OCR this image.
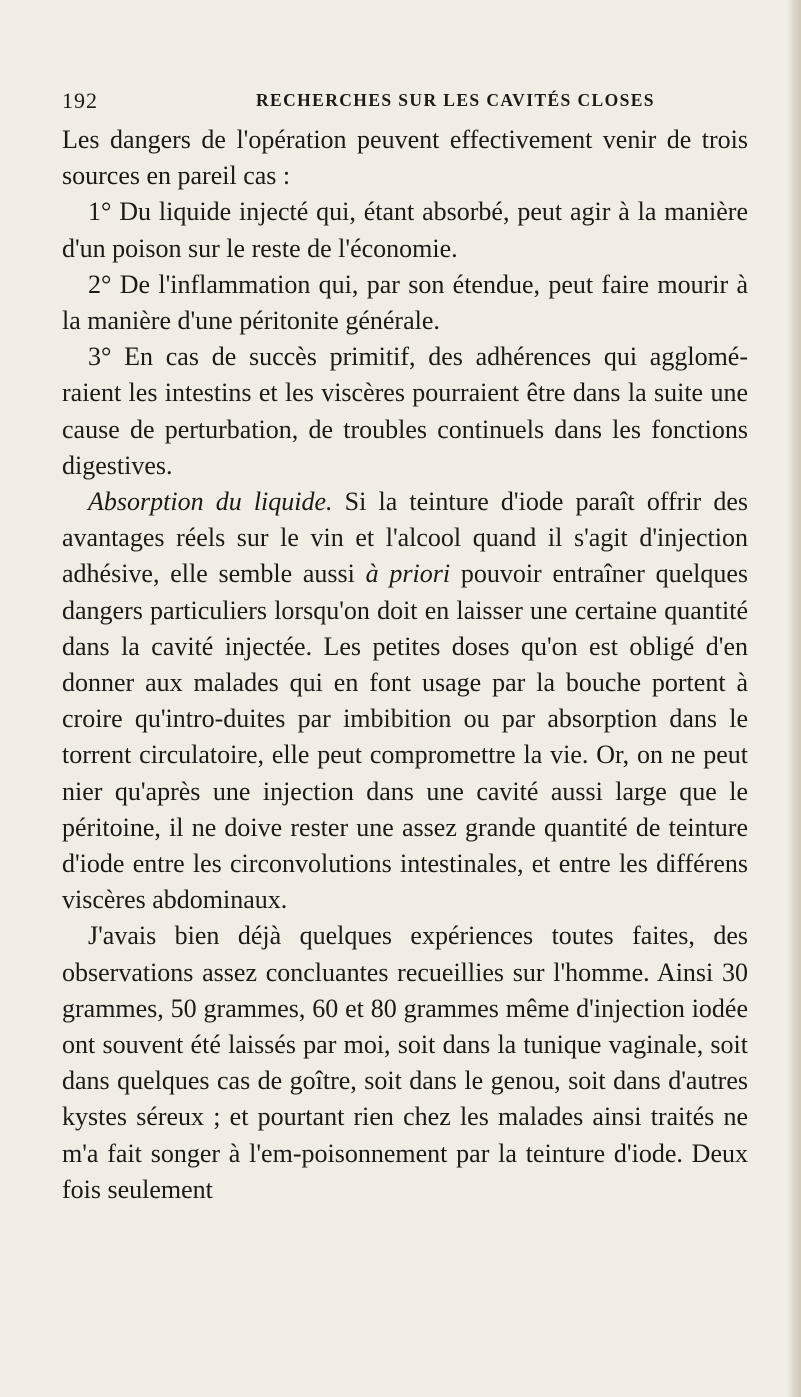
192	RECHERCHES SUR LES CAVITÉS CLOSES

Les dangers de l'opération peuvent effectivement venir de trois sources en pareil cas :

1° Du liquide injecté qui, étant absorbé, peut agir à la manière d'un poison sur le reste de l'économie.

2° De l'inflammation qui, par son étendue, peut faire mourir à la manière d'une péritonite générale.

3° En cas de succès primitif, des adhérences qui agglomé-raient les intestins et les viscères pourraient être dans la suite une cause de perturbation, de troubles continuels dans les fonctions digestives.

Absorption du liquide. Si la teinture d'iode paraît offrir des avantages réels sur le vin et l'alcool quand il s'agit d'injection adhésive, elle semble aussi à priori pouvoir entraîner quelques dangers particuliers lorsqu'on doit en laisser une certaine quantité dans la cavité injectée. Les petites doses qu'on est obligé d'en donner aux malades qui en font usage par la bouche portent à croire qu'intro-duites par imbibition ou par absorption dans le torrent circulatoire, elle peut compromettre la vie. Or, on ne peut nier qu'après une injection dans une cavité aussi large que le péritoine, il ne doive rester une assez grande quantité de teinture d'iode entre les circonvolutions intestinales, et entre les différens viscères abdominaux.

J'avais bien déjà quelques expériences toutes faites, des observations assez concluantes recueillies sur l'homme. Ainsi 30 grammes, 50 grammes, 60 et 80 grammes même d'injection iodée ont souvent été laissés par moi, soit dans la tunique vaginale, soit dans quelques cas de goître, soit dans le genou, soit dans d'autres kystes séreux ; et pourtant rien chez les malades ainsi traités ne m'a fait songer à l'em-poisonnement par la teinture d'iode. Deux fois seulement
